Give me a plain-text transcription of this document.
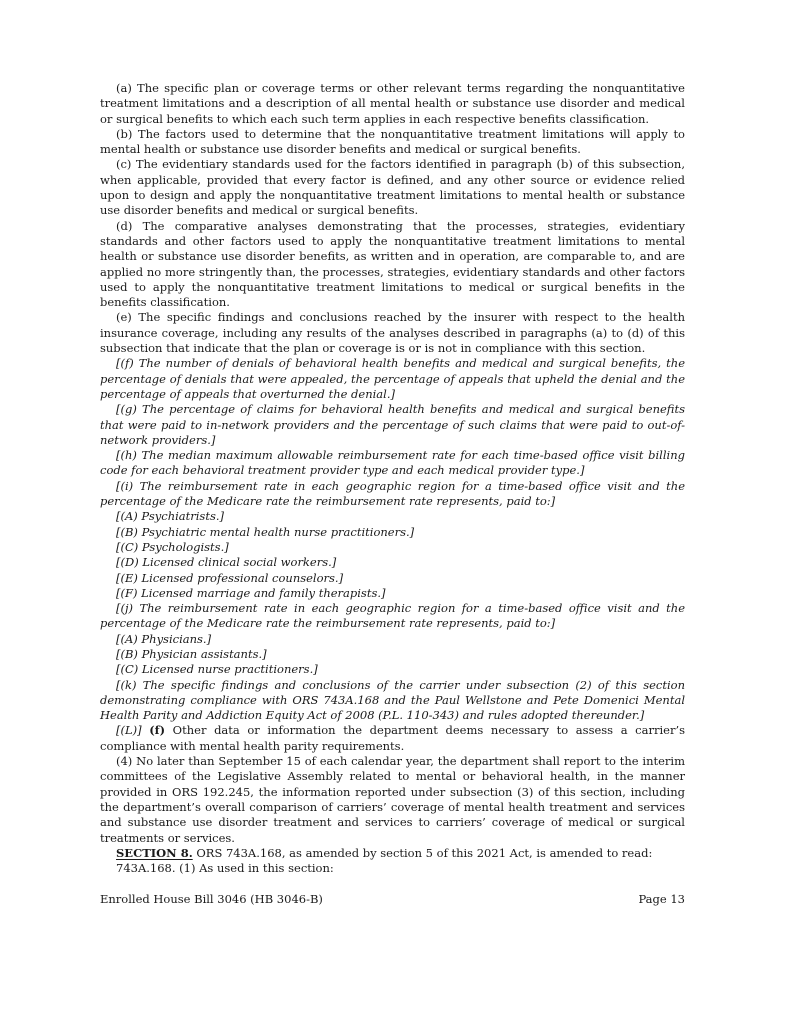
(a) The specific plan or coverage terms or other relevant terms regarding the nonquantitative treatment limitations and a description of all mental health or substance use disorder and medical or surgical benefits to which each such term applies in each respective benefits classification.

(b) The factors used to determine that the nonquantitative treatment limitations will apply to mental health or substance use disorder benefits and medical or surgical benefits.

(c) The evidentiary standards used for the factors identified in paragraph (b) of this subsection, when applicable, provided that every factor is defined, and any other source or evidence relied upon to design and apply the nonquantitative treatment limitations to mental health or substance use disorder benefits and medical or surgical benefits.

(d) The comparative analyses demonstrating that the processes, strategies, evidentiary standards and other factors used to apply the nonquantitative treatment limitations to mental health or substance use disorder benefits, as written and in operation, are comparable to, and are applied no more stringently than, the processes, strategies, evidentiary standards and other factors used to apply the nonquantitative treatment limitations to medical or surgical benefits in the benefits classification.

(e) The specific findings and conclusions reached by the insurer with respect to the health insurance coverage, including any results of the analyses described in paragraphs (a) to (d) of this subsection that indicate that the plan or coverage is or is not in compliance with this section.

[(f) The number of denials of behavioral health benefits and medical and surgical benefits, the percentage of denials that were appealed, the percentage of appeals that upheld the denial and the percentage of appeals that overturned the denial.]

[(g) The percentage of claims for behavioral health benefits and medical and surgical benefits that were paid to in-network providers and the percentage of such claims that were paid to out-of-network providers.]

[(h) The median maximum allowable reimbursement rate for each time-based office visit billing code for each behavioral treatment provider type and each medical provider type.]

[(i) The reimbursement rate in each geographic region for a time-based office visit and the percentage of the Medicare rate the reimbursement rate represents, paid to:]

[(A) Psychiatrists.]

[(B) Psychiatric mental health nurse practitioners.]

[(C) Psychologists.]

[(D) Licensed clinical social workers.]

[(E) Licensed professional counselors.]

[(F) Licensed marriage and family therapists.]

[(j) The reimbursement rate in each geographic region for a time-based office visit and the percentage of the Medicare rate the reimbursement rate represents, paid to:]

[(A) Physicians.]

[(B) Physician assistants.]

[(C) Licensed nurse practitioners.]

[(k) The specific findings and conclusions of the carrier under subsection (2) of this section demonstrating compliance with ORS 743A.168 and the Paul Wellstone and Pete Domenici Mental Health Parity and Addiction Equity Act of 2008 (P.L. 110-343) and rules adopted thereunder.]

[(L)] (f) Other data or information the department deems necessary to assess a carrier’s compliance with mental health parity requirements.

(4) No later than September 15 of each calendar year, the department shall report to the interim committees of the Legislative Assembly related to mental or behavioral health, in the manner provided in ORS 192.245, the information reported under subsection (3) of this section, including the department’s overall comparison of carriers’ coverage of mental health treatment and services and substance use disorder treatment and services to carriers’ coverage of medical or surgical treatments or services.

SECTION 8. ORS 743A.168, as amended by section 5 of this 2021 Act, is amended to read:

743A.168. (1) As used in this section:

Enrolled House Bill 3046 (HB 3046-B)	Page 13
